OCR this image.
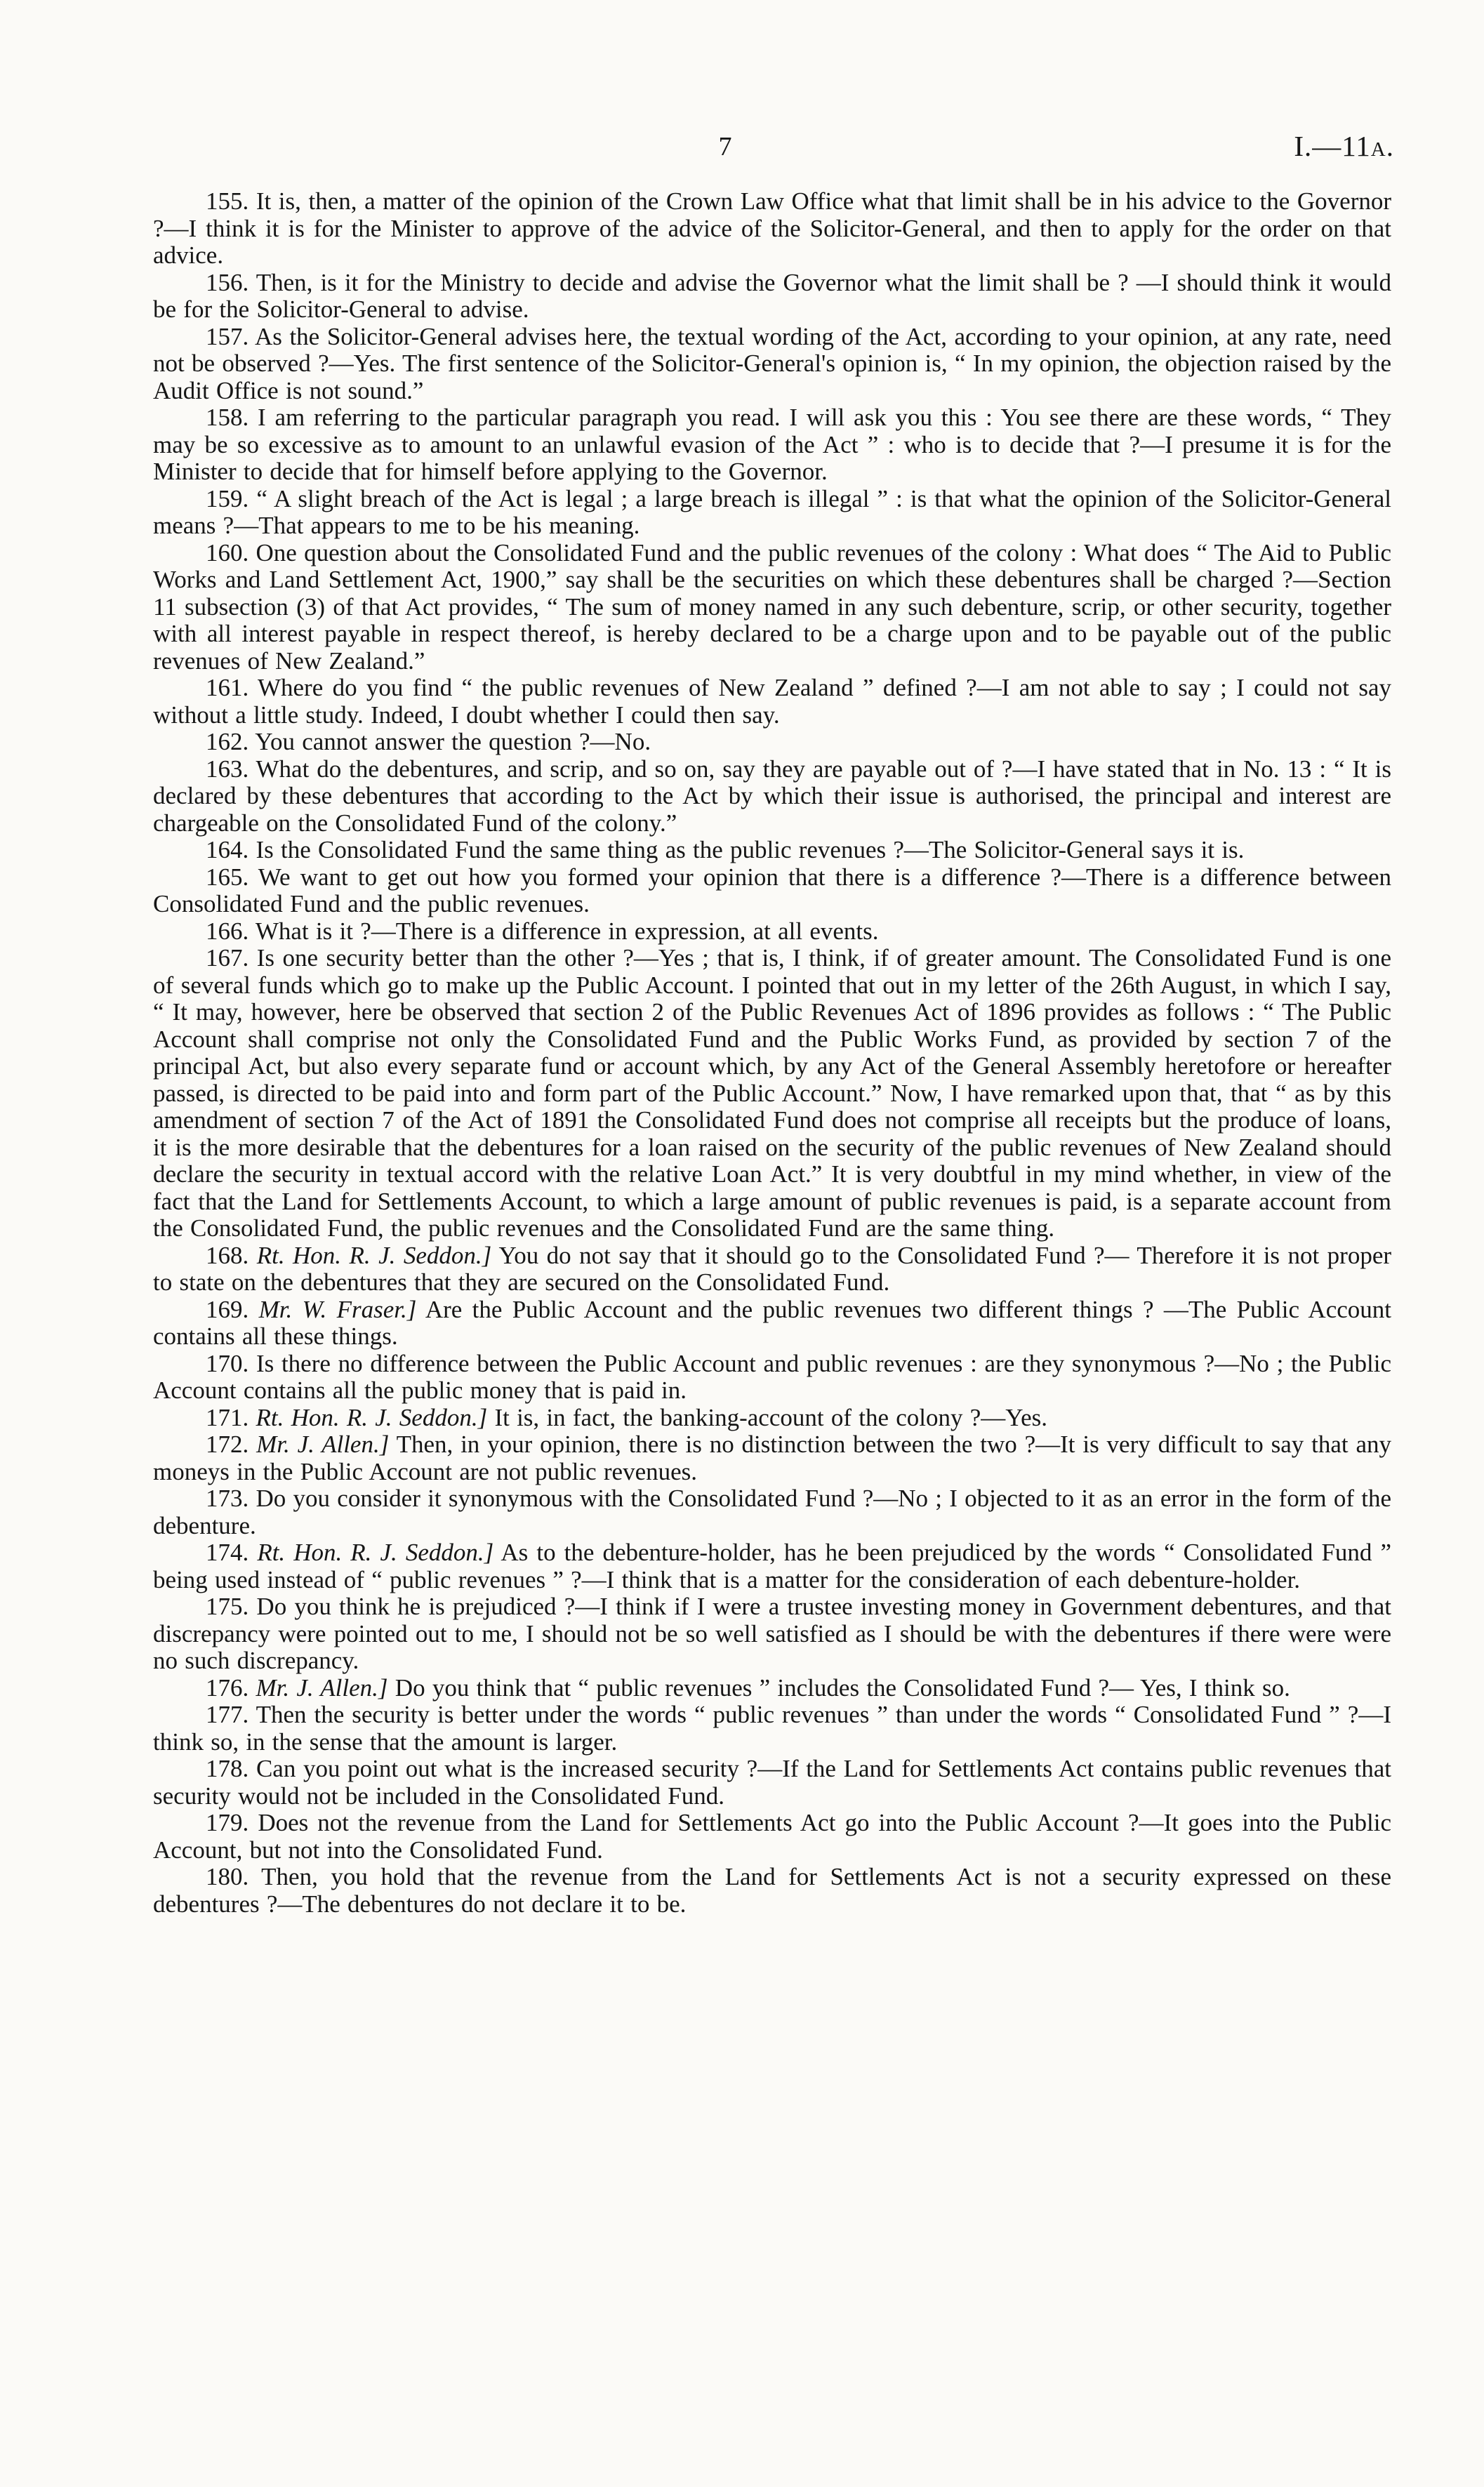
7	I.—11a.

155. It is, then, a matter of the opinion of the Crown Law Office what that limit shall be in his advice to the Governor ?—I think it is for the Minister to approve of the advice of the Solicitor-General, and then to apply for the order on that advice.

156. Then, is it for the Ministry to decide and advise the Governor what the limit shall be ? —I should think it would be for the Solicitor-General to advise.

157. As the Solicitor-General advises here, the textual wording of the Act, according to your opinion, at any rate, need not be observed ?—Yes. The first sentence of the Solicitor-General's opinion is, “ In my opinion, the objection raised by the Audit Office is not sound.”

158. I am referring to the particular paragraph you read. I will ask you this : You see there are these words, “ They may be so excessive as to amount to an unlawful evasion of the Act ” : who is to decide that ?—I presume it is for the Minister to decide that for himself before applying to the Governor.

159. “ A slight breach of the Act is legal ; a large breach is illegal ” : is that what the opinion of the Solicitor-General means ?—That appears to me to be his meaning.

160. One question about the Consolidated Fund and the public revenues of the colony : What does “ The Aid to Public Works and Land Settlement Act, 1900,” say shall be the securities on which these debentures shall be charged ?—Section 11 subsection (3) of that Act provides, “ The sum of money named in any such debenture, scrip, or other security, together with all interest payable in respect thereof, is hereby declared to be a charge upon and to be payable out of the public revenues of New Zealand.”

161. Where do you find “ the public revenues of New Zealand ” defined ?—I am not able to say ; I could not say without a little study. Indeed, I doubt whether I could then say.

162. You cannot answer the question ?—No.

163. What do the debentures, and scrip, and so on, say they are payable out of ?—I have stated that in No. 13 : “ It is declared by these debentures that according to the Act by which their issue is authorised, the principal and interest are chargeable on the Consolidated Fund of the colony.”

164. Is the Consolidated Fund the same thing as the public revenues ?—The Solicitor-General says it is.

165. We want to get out how you formed your opinion that there is a difference ?—There is a difference between Consolidated Fund and the public revenues.

166. What is it ?—There is a difference in expression, at all events.

167. Is one security better than the other ?—Yes ; that is, I think, if of greater amount. The Consolidated Fund is one of several funds which go to make up the Public Account. I pointed that out in my letter of the 26th August, in which I say, “ It may, however, here be observed that section 2 of the Public Revenues Act of 1896 provides as follows : “ The Public Account shall comprise not only the Consolidated Fund and the Public Works Fund, as provided by section 7 of the principal Act, but also every separate fund or account which, by any Act of the General Assembly heretofore or hereafter passed, is directed to be paid into and form part of the Public Account.” Now, I have remarked upon that, that “ as by this amendment of section 7 of the Act of 1891 the Consolidated Fund does not comprise all receipts but the produce of loans, it is the more desirable that the debentures for a loan raised on the security of the public revenues of New Zealand should declare the security in textual accord with the relative Loan Act.” It is very doubtful in my mind whether, in view of the fact that the Land for Settlements Account, to which a large amount of public revenues is paid, is a separate account from the Consolidated Fund, the public revenues and the Consolidated Fund are the same thing.

168. Rt. Hon. R. J. Seddon.] You do not say that it should go to the Consolidated Fund ?— Therefore it is not proper to state on the debentures that they are secured on the Consolidated Fund.

169. Mr. W. Fraser.] Are the Public Account and the public revenues two different things ? —The Public Account contains all these things.

170. Is there no difference between the Public Account and public revenues : are they synonymous ?—No ; the Public Account contains all the public money that is paid in.

171. Rt. Hon. R. J. Seddon.] It is, in fact, the banking-account of the colony ?—Yes.

172. Mr. J. Allen.] Then, in your opinion, there is no distinction between the two ?—It is very difficult to say that any moneys in the Public Account are not public revenues.

173. Do you consider it synonymous with the Consolidated Fund ?—No ; I objected to it as an error in the form of the debenture.

174. Rt. Hon. R. J. Seddon.] As to the debenture-holder, has he been prejudiced by the words “ Consolidated Fund ” being used instead of “ public revenues ” ?—I think that is a matter for the consideration of each debenture-holder.

175. Do you think he is prejudiced ?—I think if I were a trustee investing money in Government debentures, and that discrepancy were pointed out to me, I should not be so well satisfied as I should be with the debentures if there were were no such discrepancy.

176. Mr. J. Allen.] Do you think that “ public revenues ” includes the Consolidated Fund ?— Yes, I think so.

177. Then the security is better under the words “ public revenues ” than under the words “ Consolidated Fund ” ?—I think so, in the sense that the amount is larger.

178. Can you point out what is the increased security ?—If the Land for Settlements Act contains public revenues that security would not be included in the Consolidated Fund.

179. Does not the revenue from the Land for Settlements Act go into the Public Account ?—It goes into the Public Account, but not into the Consolidated Fund.

180. Then, you hold that the revenue from the Land for Settlements Act is not a security expressed on these debentures ?—The debentures do not declare it to be.
